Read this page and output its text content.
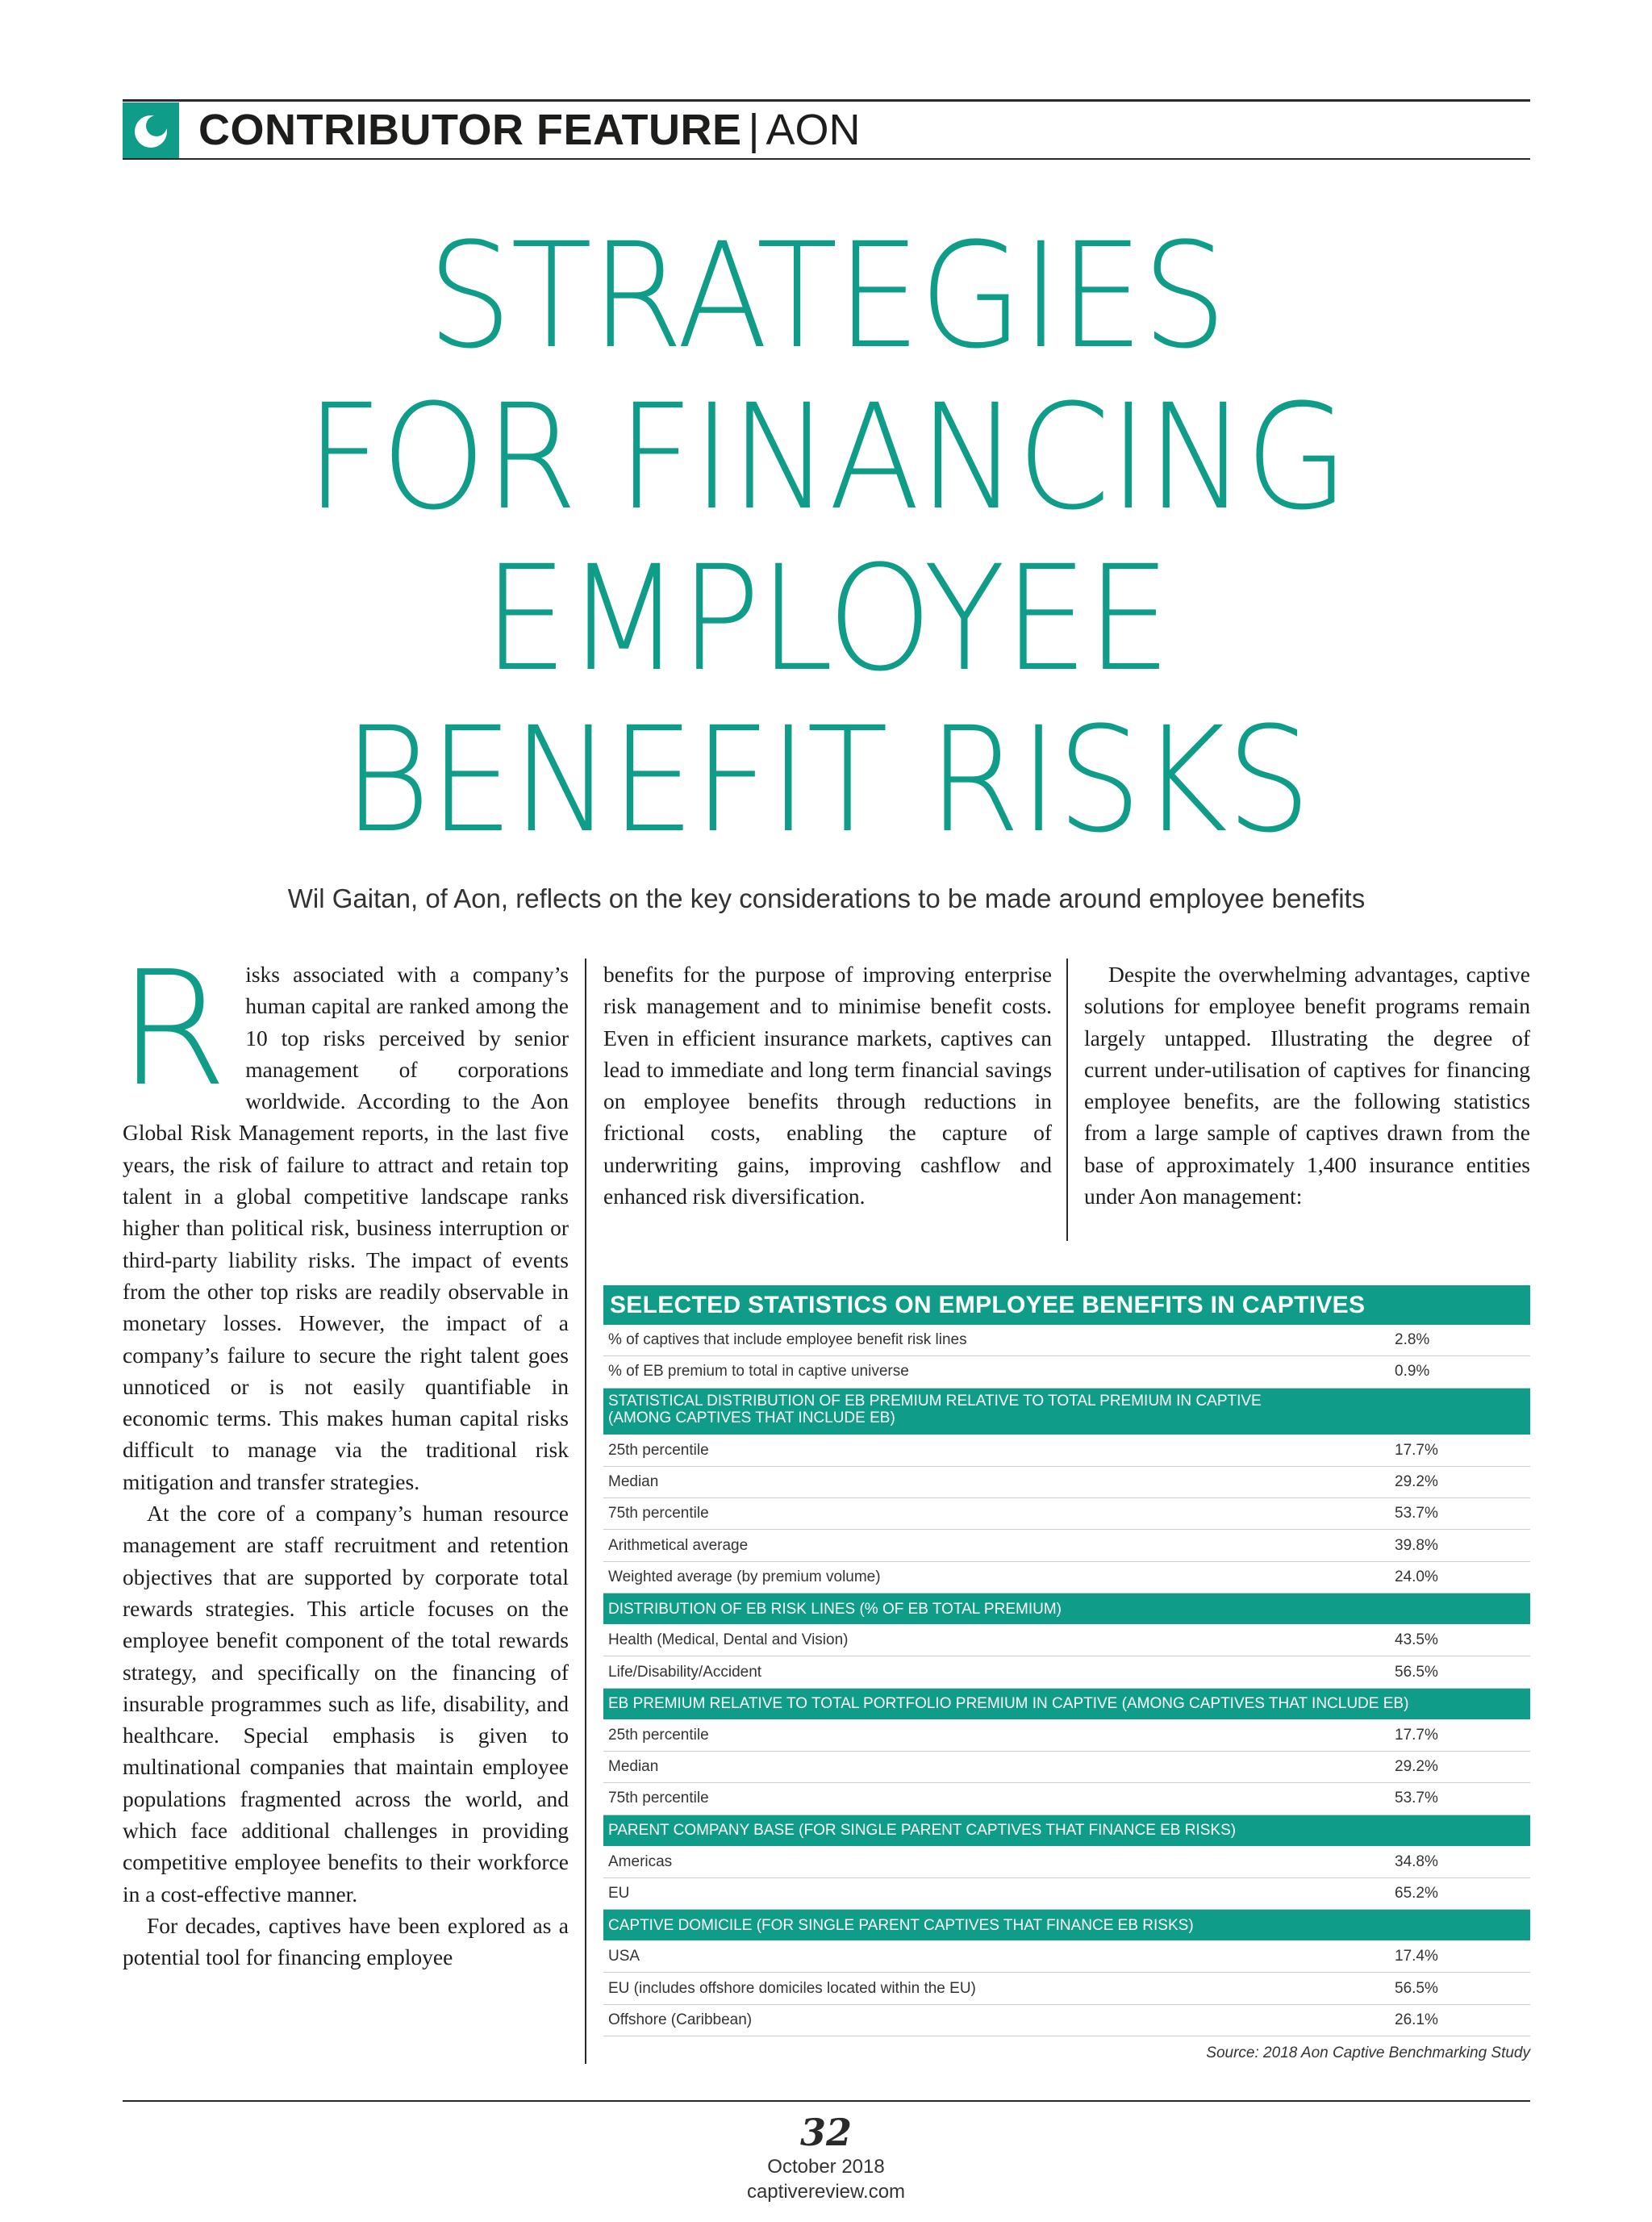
CONTRIBUTOR FEATURE | AON
STRATEGIES
FOR FINANCING
EMPLOYEE
BENEFIT RISKS
Wil Gaitan, of Aon, reflects on the key considerations to be made around employee benefits

Risks associated with a company’s human capital are ranked among the 10 top risks perceived by senior management of corporations worldwide. According to the Aon Global Risk Management reports, in the last five years, the risk of failure to attract and retain top talent in a global competitive landscape ranks higher than political risk, business interruption or third-party liability risks. The impact of events from the other top risks are readily observable in monetary losses. However, the impact of a company’s failure to secure the right talent goes unnoticed or is not easily quantifiable in economic terms. This makes human capital risks difficult to manage via the traditional risk mitigation and transfer strategies.

At the core of a company’s human resource management are staff recruitment and retention objectives that are supported by corporate total rewards strategies. This article focuses on the employee benefit component of the total rewards strategy, and specifically on the financing of insurable programmes such as life, disability, and healthcare. Special emphasis is given to multinational companies that maintain employee populations fragmented across the world, and which face additional challenges in providing competitive employee benefits to their workforce in a cost-effective manner.

For decades, captives have been explored as a potential tool for financing employee

benefits for the purpose of improving enterprise risk management and to minimise benefit costs. Even in efficient insurance markets, captives can lead to immediate and long term financial savings on employee benefits through reductions in frictional costs, enabling the capture of underwriting gains, improving cashflow and enhanced risk diversification.

Despite the overwhelming advantages, captive solutions for employee benefit programs remain largely untapped. Illustrating the degree of current under-utilisation of captives for financing employee benefits, are the following statistics from a large sample of captives drawn from the base of approximately 1,400 insurance entities under Aon management:

SELECTED STATISTICS ON EMPLOYEE BENEFITS IN CAPTIVES
% of captives that include employee benefit risk lines	2.8%
% of EB premium to total in captive universe	0.9%
STATISTICAL DISTRIBUTION OF EB PREMIUM RELATIVE TO TOTAL PREMIUM IN CAPTIVE
(AMONG CAPTIVES THAT INCLUDE EB)
25th percentile	17.7%
Median	29.2%
75th percentile	53.7%
Arithmetical average	39.8%
Weighted average (by premium volume)	24.0%
DISTRIBUTION OF EB RISK LINES (% OF EB TOTAL PREMIUM)
Health (Medical, Dental and Vision)	43.5%
Life/Disability/Accident	56.5%
EB PREMIUM RELATIVE TO TOTAL PORTFOLIO PREMIUM IN CAPTIVE (AMONG CAPTIVES THAT INCLUDE EB)
25th percentile	17.7%
Median	29.2%
75th percentile	53.7%
PARENT COMPANY BASE (FOR SINGLE PARENT CAPTIVES THAT FINANCE EB RISKS)
Americas	34.8%
EU	65.2%
CAPTIVE DOMICILE (FOR SINGLE PARENT CAPTIVES THAT FINANCE EB RISKS)
USA	17.4%
EU (includes offshore domiciles located within the EU)	56.5%
Offshore (Caribbean)	26.1%
Source: 2018 Aon Captive Benchmarking Study
32
October 2018
captivereview.com
